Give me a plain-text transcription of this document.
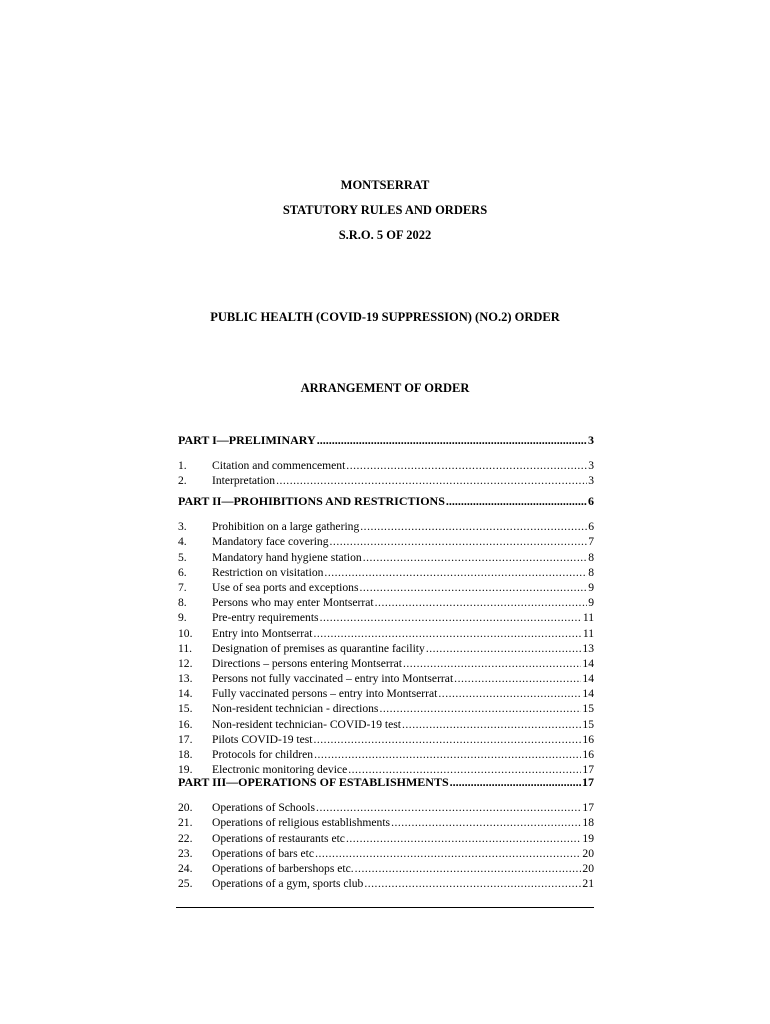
MONTSERRAT
STATUTORY RULES AND ORDERS
S.R.O. 5 OF 2022
PUBLIC HEALTH (COVID-19 SUPPRESSION) (NO.2) ORDER
ARRANGEMENT OF ORDER
PART I—PRELIMINARY .....	3
1.	Citation and commencement .....	3
2.	Interpretation .....	3
PART II—PROHIBITIONS AND RESTRICTIONS .....	6
3.	Prohibition on a large gathering .....	6
4.	Mandatory face covering .....	7
5.	Mandatory hand hygiene station .....	8
6.	Restriction on visitation .....	8
7.	Use of sea ports and exceptions .....	9
8.	Persons who may enter Montserrat .....	9
9.	Pre-entry requirements .....	11
10.	Entry into Montserrat .....	11
11.	Designation of premises as quarantine facility .....	13
12.	Directions – persons entering Montserrat .....	14
13.	Persons not fully vaccinated – entry into Montserrat .....	14
14.	Fully vaccinated persons – entry into Montserrat .....	14
15.	Non-resident technician - directions .....	15
16.	Non-resident technician- COVID-19 test .....	15
17.	Pilots COVID-19 test .....	16
18.	Protocols for children .....	16
19.	Electronic monitoring device .....	17
PART III—OPERATIONS OF ESTABLISHMENTS .....	17
20.	Operations of Schools .....	17
21.	Operations of religious establishments .....	18
22.	Operations of restaurants etc .....	19
23.	Operations of bars etc .....	20
24.	Operations of barbershops etc. .....	20
25.	Operations of a gym, sports club .....	21
